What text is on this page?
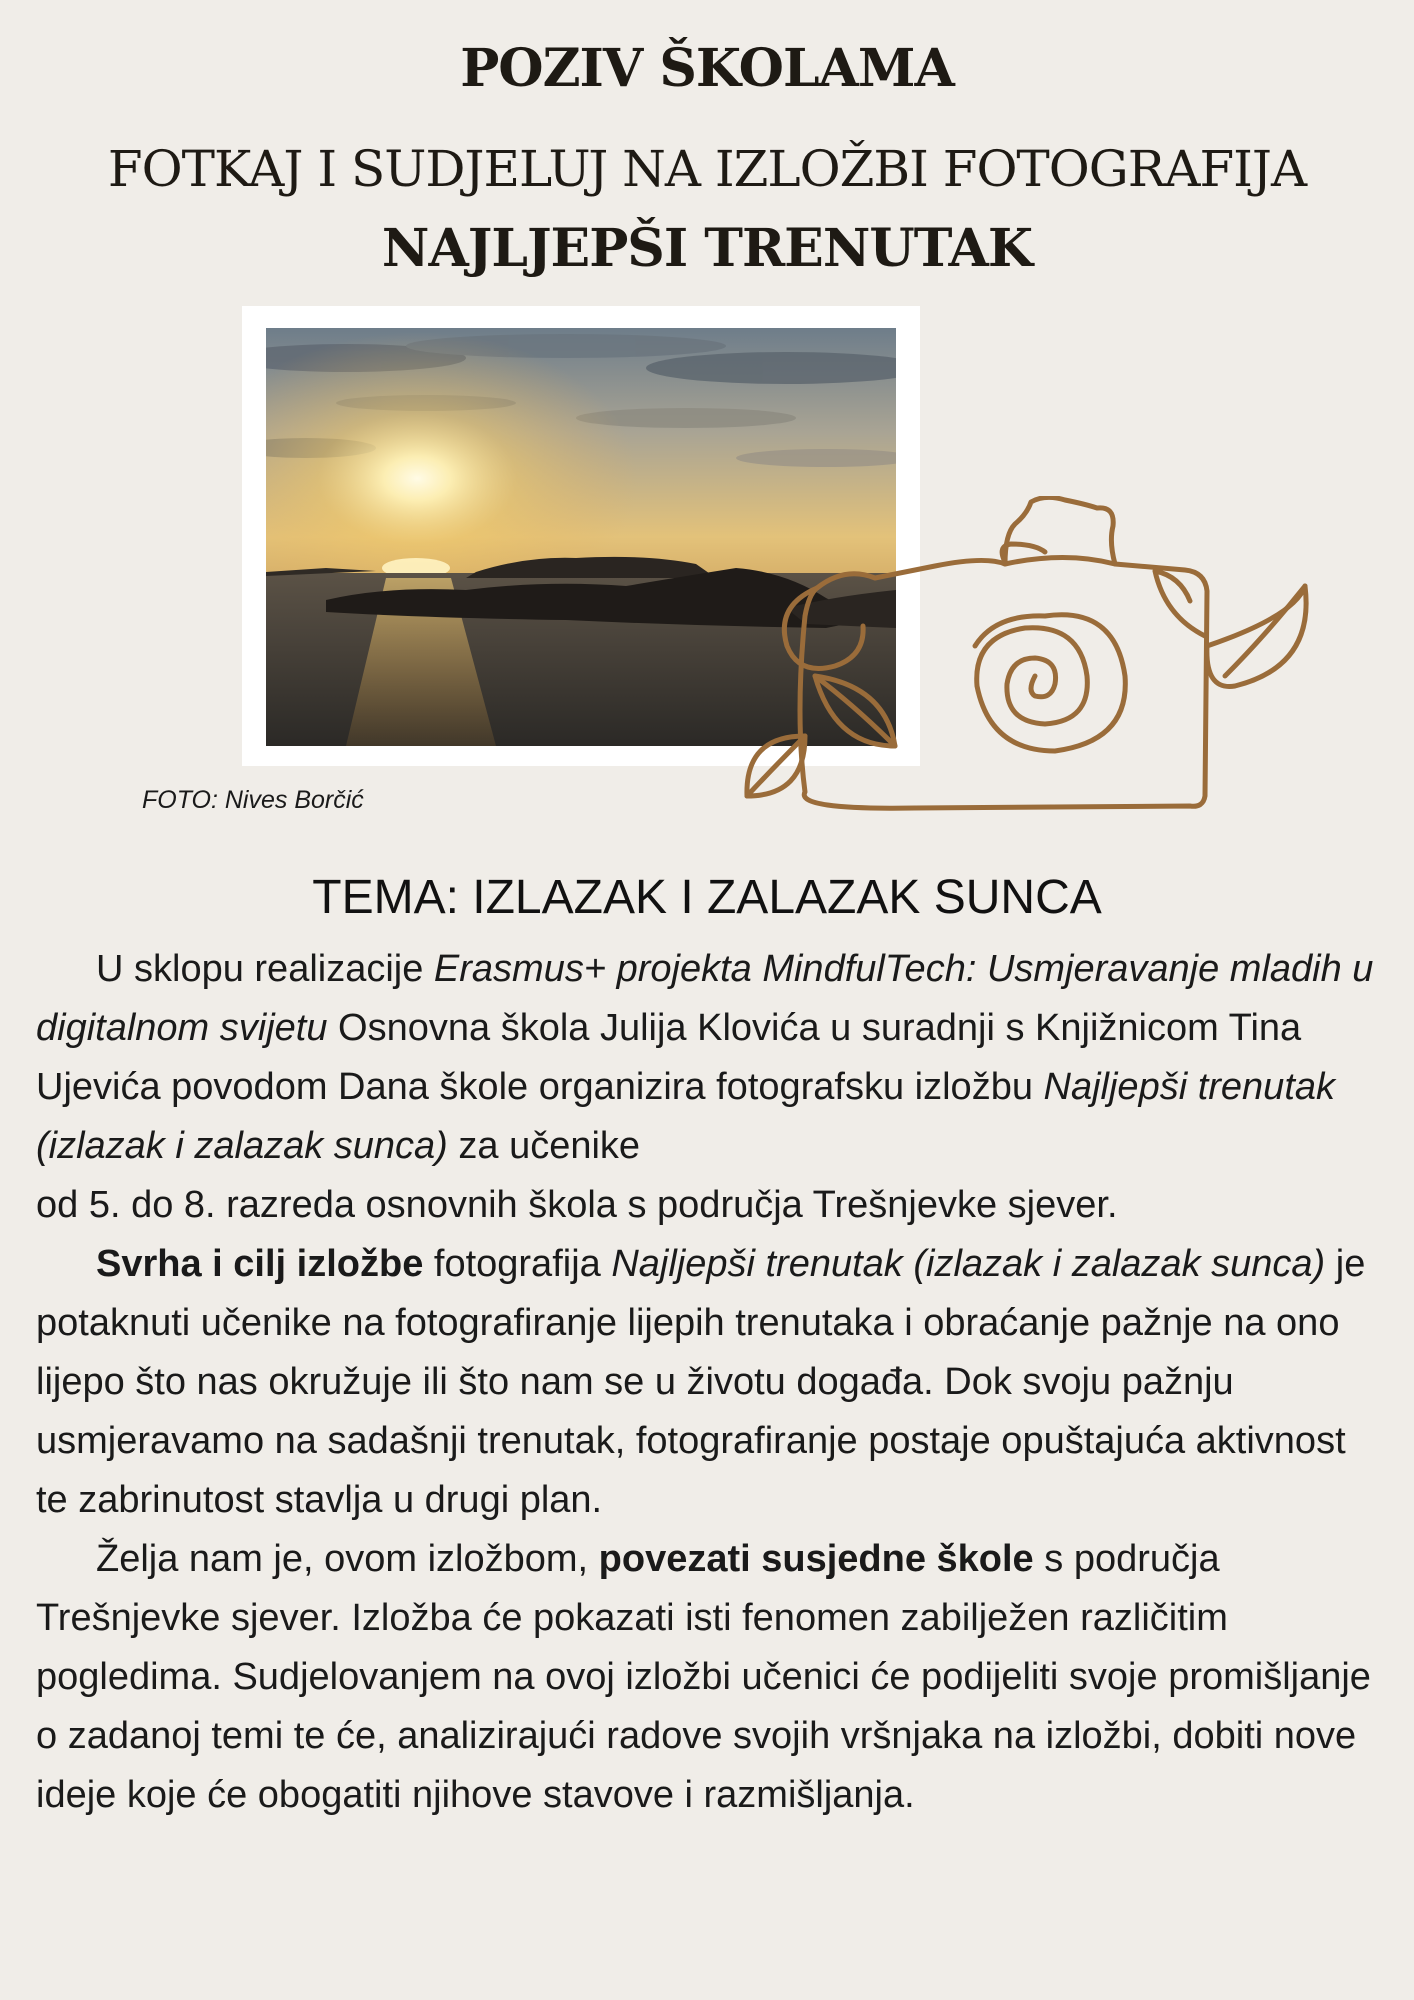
POZIV ŠKOLAMA
FOTKAJ I SUDJELUJ NA IZLOŽBI FOTOGRAFIJA
NAJLJEPŠI TRENUTAK
FOTO: Nives Borčić
TEMA: IZLAZAK I ZALAZAK SUNCA

U sklopu realizacije Erasmus+ projekta MindfulTech: Usmjeravanje mladih u digitalnom svijetu Osnovna škola Julija Klovića u suradnji s Knjižnicom Tina Ujevića povodom Dana škole organizira fotografsku izložbu Najljepši trenutak (izlazak i zalazak sunca) za učenike
od 5. do 8. razreda osnovnih škola s područja Trešnjevke sjever.

Svrha i cilj izložbe fotografija Najljepši trenutak (izlazak i zalazak sunca) je potaknuti učenike na fotografiranje lijepih trenutaka i obraćanje pažnje na ono lijepo što nas okružuje ili što nam se u životu događa. Dok svoju pažnju usmjeravamo na sadašnji trenutak, fotografiranje postaje opuštajuća aktivnost te zabrinutost stavlja u drugi plan.

Želja nam je, ovom izložbom, povezati susjedne škole s područja Trešnjevke sjever. Izložba će pokazati isti fenomen zabilježen različitim pogledima. Sudjelovanjem na ovoj izložbi učenici će podijeliti svoje promišljanje o zadanoj temi te će, analizirajući radove svojih vršnjaka na izložbi, dobiti nove ideje koje će obogatiti njihove stavove i razmišljanja.
